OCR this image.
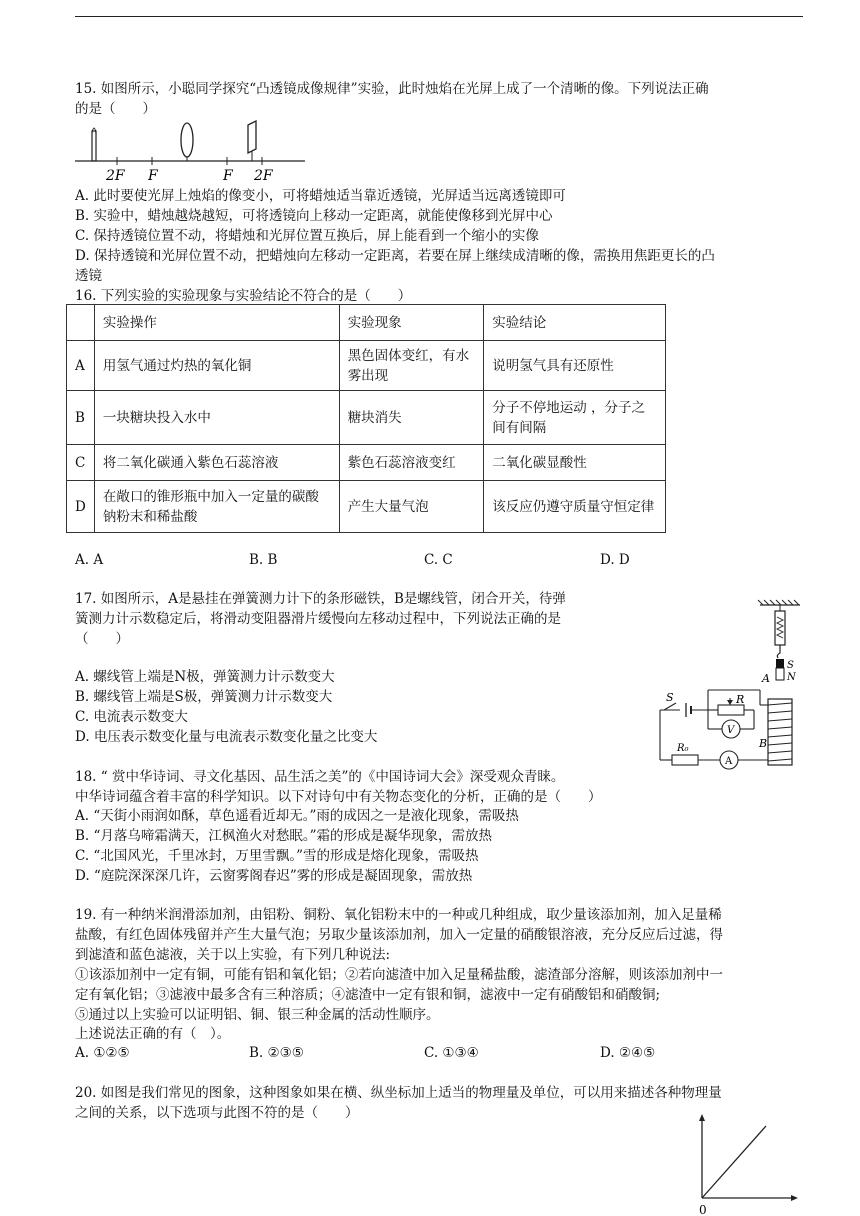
15. 如图所示，小聪同学探究“凸透镜成像规律”实验，此时烛焰在光屏上成了一个清晰的像。下列说法正确
的是（　　）
2F F	F 2F
A. 此时要使光屏上烛焰的像变小，可将蜡烛适当靠近透镜，光屏适当远离透镜即可
B. 实验中，蜡烛越烧越短，可将透镜向上移动一定距离，就能使像移到光屏中心
C. 保持透镜位置不动，将蜡烛和光屏位置互换后，屏上能看到一个缩小的实像
D. 保持透镜和光屏位置不动，把蜡烛向左移动一定距离，若要在屏上继续成清晰的像，需换用焦距更长的凸
透镜
16. 下列实验的实验现象与实验结论不符合的是（　　）
	实验操作	实验现象	实验结论
A	用氢气通过灼热的氧化铜	黑色固体变红，有水雾出现	说明氢气具有还原性
B	一块糖块投入水中	糖块消失	分子不停地运动 ，分子之间有间隔
C	将二氧化碳通入紫色石蕊溶液	紫色石蕊溶液变红	二氧化碳显酸性
D	在敞口的锥形瓶中加入一定量的碳酸钠粉末和稀盐酸	产生大量气泡	该反应仍遵守质量守恒定律
A. A	B. B	C. C	D. D
17. 如图所示，A是悬挂在弹簧测力计下的条形磁铁，B是螺线管，闭合开关，待弹
簧测力计示数稳定后，将滑动变阻器滑片缓慢向左移动过程中，下列说法正确的是
（　　）
A. 螺线管上端是N极，弹簧测力计示数变大
B. 螺线管上端是S极，弹簧测力计示数变大
C. 电流表示数变大
D. 电压表示数变化量与电流表示数变化量之比变大
A
S
N
B
S	R
V
R₀
A
18. “ 赏中华诗词、寻文化基因、品生活之美”的《中国诗词大会》深受观众青睐。
中华诗词蕴含着丰富的科学知识。以下对诗句中有关物态变化的分析，正确的是（　　）
A. “天街小雨润如酥，草色遥看近却无。”雨的成因之一是液化现象，需吸热
B. “月落乌啼霜满天，江枫渔火对愁眠。”霜的形成是凝华现象，需放热
C. “北国风光，千里冰封，万里雪飘。”雪的形成是熔化现象，需吸热
D. “庭院深深深几许，云窗雾阁春迟”雾的形成是凝固现象，需放热
19. 有一种纳米润滑添加剂，由铝粉、铜粉、氧化铝粉末中的一种或几种组成，取少量该添加剂，加入足量稀
盐酸，有红色固体残留并产生大量气泡；另取少量该添加剂，加入一定量的硝酸银溶液，充分反应后过滤，得
到滤渣和蓝色滤液，关于以上实验，有下列几种说法:
①该添加剂中一定有铜，可能有铝和氧化铝；②若向滤渣中加入足量稀盐酸，滤渣部分溶解，则该添加剂中一
定有氧化铝；③滤液中最多含有三种溶质；④滤渣中一定有银和铜，滤液中一定有硝酸铝和硝酸铜;
⑤通过以上实验可以证明铝、铜、银三种金属的活动性顺序。
上述说法正确的有（　）。
A. ①②⑤	B. ②③⑤	C. ①③④	D. ②④⑤
20. 如图是我们常见的图象，这种图象如果在横、纵坐标加上适当的物理量及单位，可以用来描述各种物理量
之间的关系，以下选项与此图不符的是（　　）
0
